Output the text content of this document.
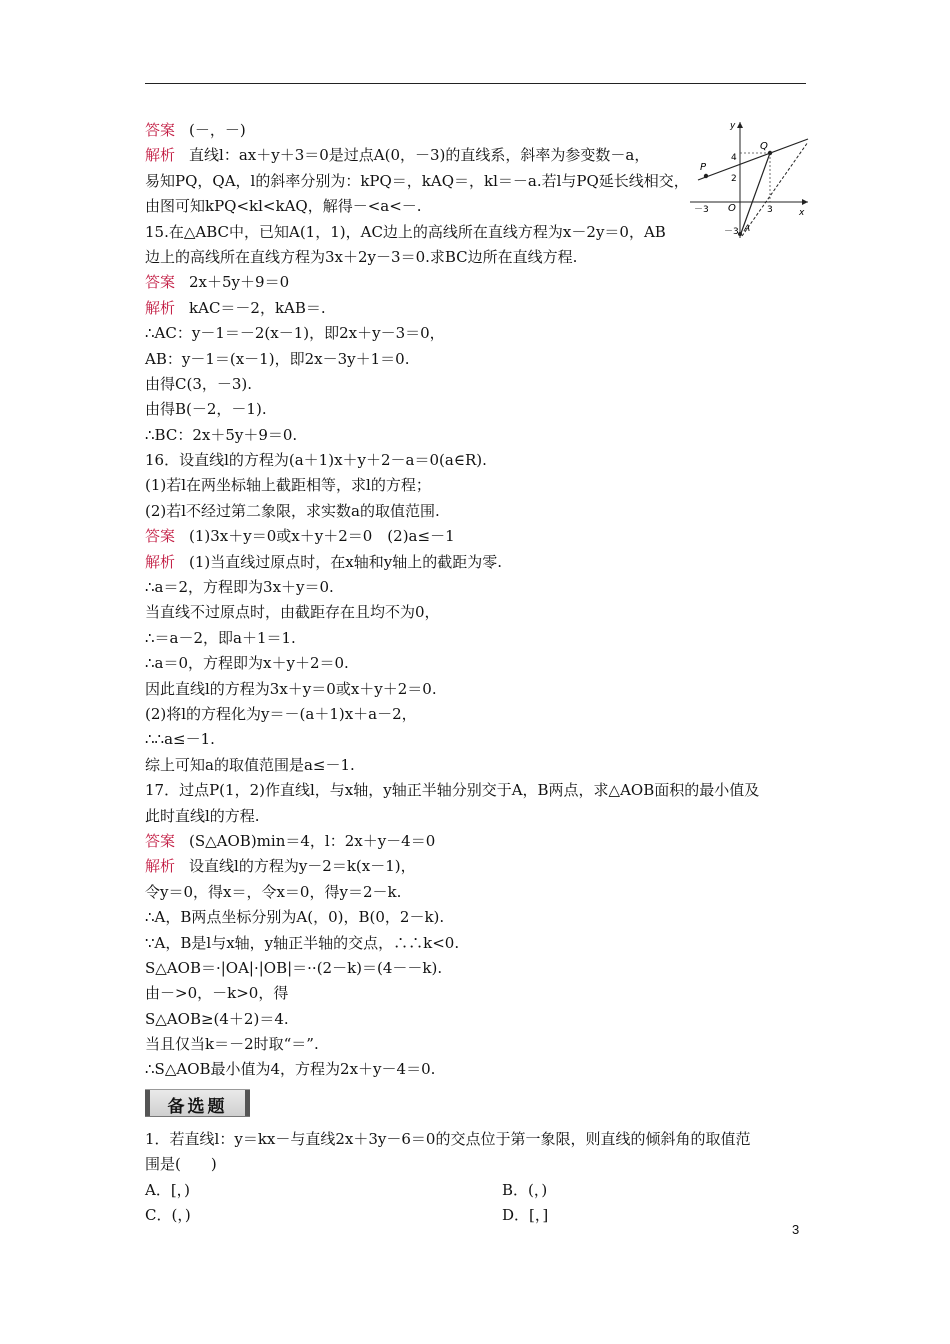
y
x
P
Q
O
A
4
2
－3	3
－3
答案 (－，－)
解析 直线l：ax＋y＋3＝0是过点A(0，－3)的直线系，斜率为参变数－a，
易知PQ，QA，l的斜率分别为：kPQ＝，kAQ＝，kl＝－a.若l与PQ延长线相交，
由图可知kPQ<kl<kAQ，解得－<a<－.
15.在△ABC中，已知A(1，1)，AC边上的高线所在直线方程为x－2y＝0，AB
边上的高线所在直线方程为3x＋2y－3＝0.求BC边所在直线方程.
答案 2x＋5y＋9＝0
解析 kAC＝－2，kAB＝.
∴AC：y－1＝－2(x－1)，即2x＋y－3＝0，
AB：y－1＝(x－1)，即2x－3y＋1＝0.
由得C(3，－3).
由得B(－2，－1).
∴BC：2x＋5y＋9＝0.
16．设直线l的方程为(a＋1)x＋y＋2－a＝0(a∈R).
(1)若l在两坐标轴上截距相等，求l的方程；
(2)若l不经过第二象限，求实数a的取值范围.
答案 (1)3x＋y＝0或x＋y＋2＝0　(2)a≤－1
解析 (1)当直线过原点时，在x轴和y轴上的截距为零.
∴a＝2，方程即为3x＋y＝0.
当直线不过原点时，由截距存在且均不为0，
∴＝a－2，即a＋1＝1.
∴a＝0，方程即为x＋y＋2＝0.
因此直线l的方程为3x＋y＝0或x＋y＋2＝0.
(2)将l的方程化为y＝－(a＋1)x＋a－2，
∴∴a≤－1.
综上可知a的取值范围是a≤－1.
17．过点P(1，2)作直线l，与x轴，y轴正半轴分别交于A，B两点，求△AOB面积的最小值及
此时直线l的方程.
答案 (S△AOB)min＝4，l：2x＋y－4＝0
解析 设直线l的方程为y－2＝k(x－1)，
令y＝0，得x＝，令x＝0，得y＝2－k.
∴A，B两点坐标分别为A(，0)，B(0，2－k).
∵A，B是l与x轴，y轴正半轴的交点，∴∴k<0.
S△AOB＝·|OA|·|OB|＝··(2－k)＝(4－－k).
由－>0，－k>0，得
S△AOB≥(4＋2)＝4.
当且仅当k＝－2时取“＝”.
∴S△AOB最小值为4，方程为2x＋y－4＝0.
备选题
1．若直线l：y＝kx－与直线2x＋3y－6＝0的交点位于第一象限，则直线的倾斜角的取值范
围是(　　)
A．[，)	B．(，)
C．(，)	D．[，]
3
